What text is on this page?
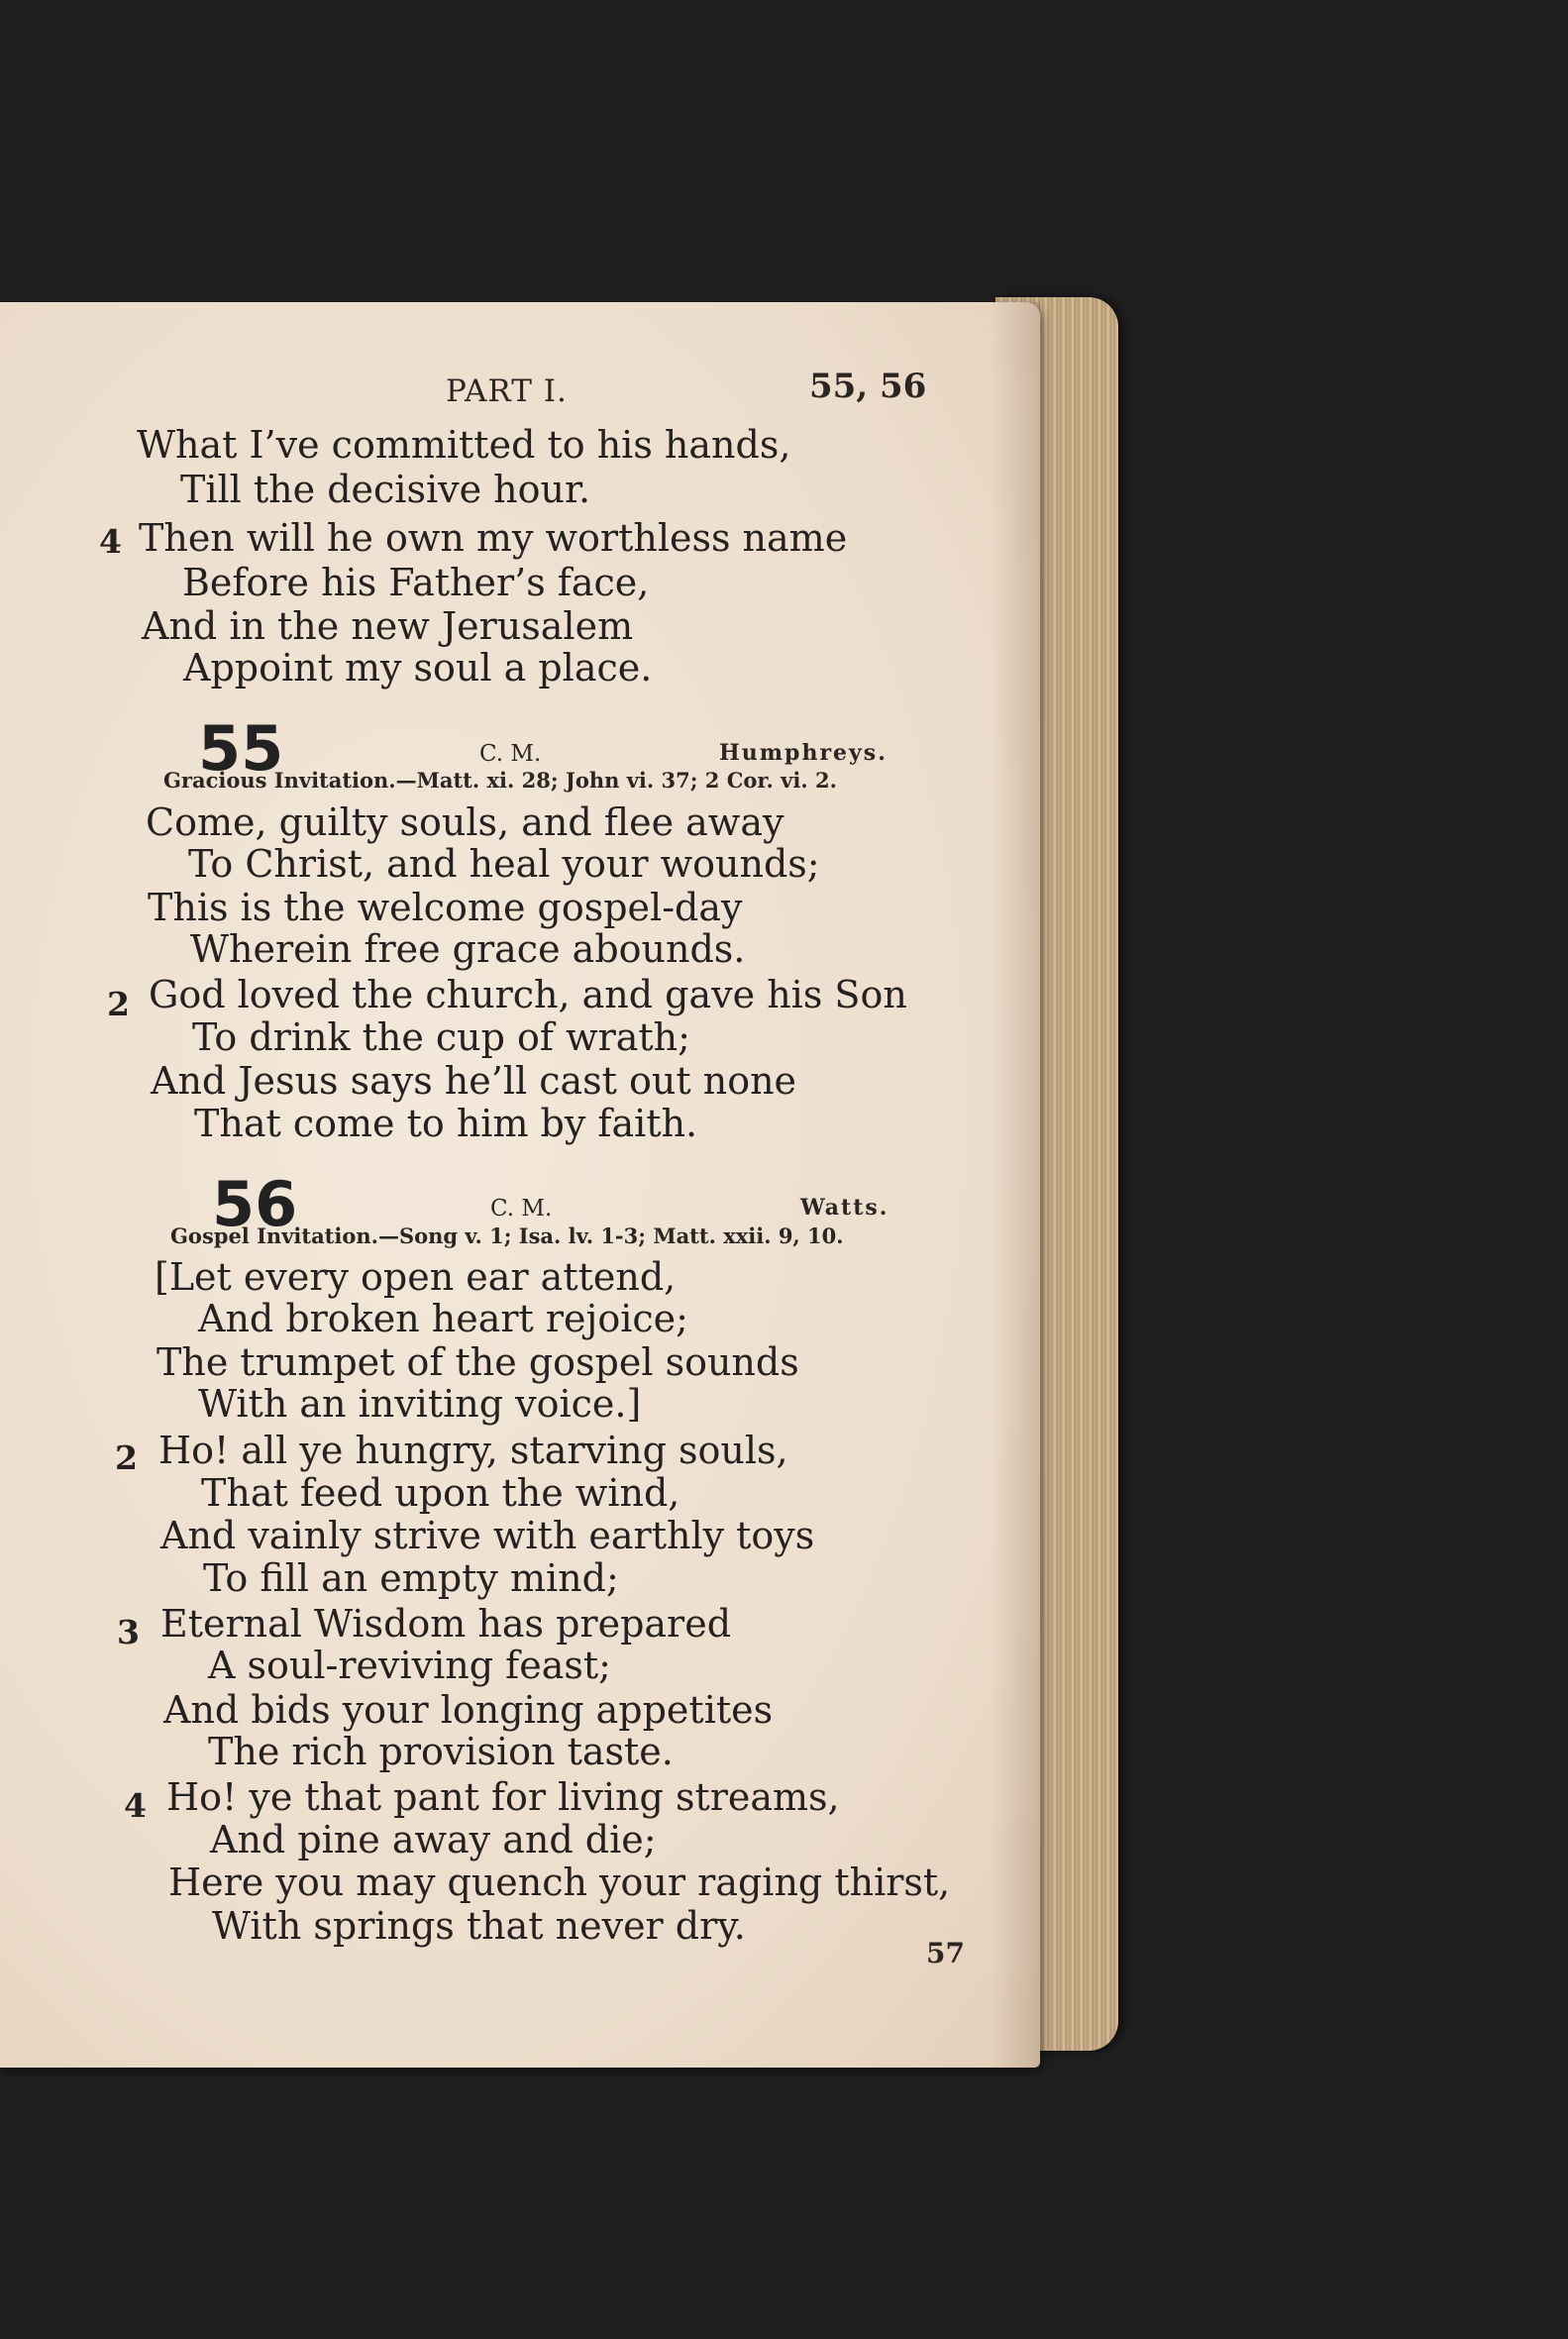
PART I.	55, 56
What I’ve committed to his hands,
Till the decisive hour.
4 Then will he own my worthless name
Before his Father’s face,
And in the new Jerusalem
Appoint my soul a place.
55	C. M.	Humphreys.
Gracious Invitation.—Matt. xi. 28; John vi. 37; 2 Cor. vi. 2.
Come, guilty souls, and flee away
To Christ, and heal your wounds;
This is the welcome gospel-day
Wherein free grace abounds.
2 God loved the church, and gave his Son
To drink the cup of wrath;
And Jesus says he’ll cast out none
That come to him by faith.
56	C. M.	Watts.
Gospel Invitation.—Song v. 1; Isa. lv. 1-3; Matt. xxii. 9, 10.
[Let every open ear attend,
And broken heart rejoice;
The trumpet of the gospel sounds
With an inviting voice.]
2 Ho! all ye hungry, starving souls,
That feed upon the wind,
And vainly strive with earthly toys
To fill an empty mind;
3 Eternal Wisdom has prepared
A soul-reviving feast;
And bids your longing appetites
The rich provision taste.
4 Ho! ye that pant for living streams,
And pine away and die;
Here you may quench your raging thirst,
With springs that never dry.
57
